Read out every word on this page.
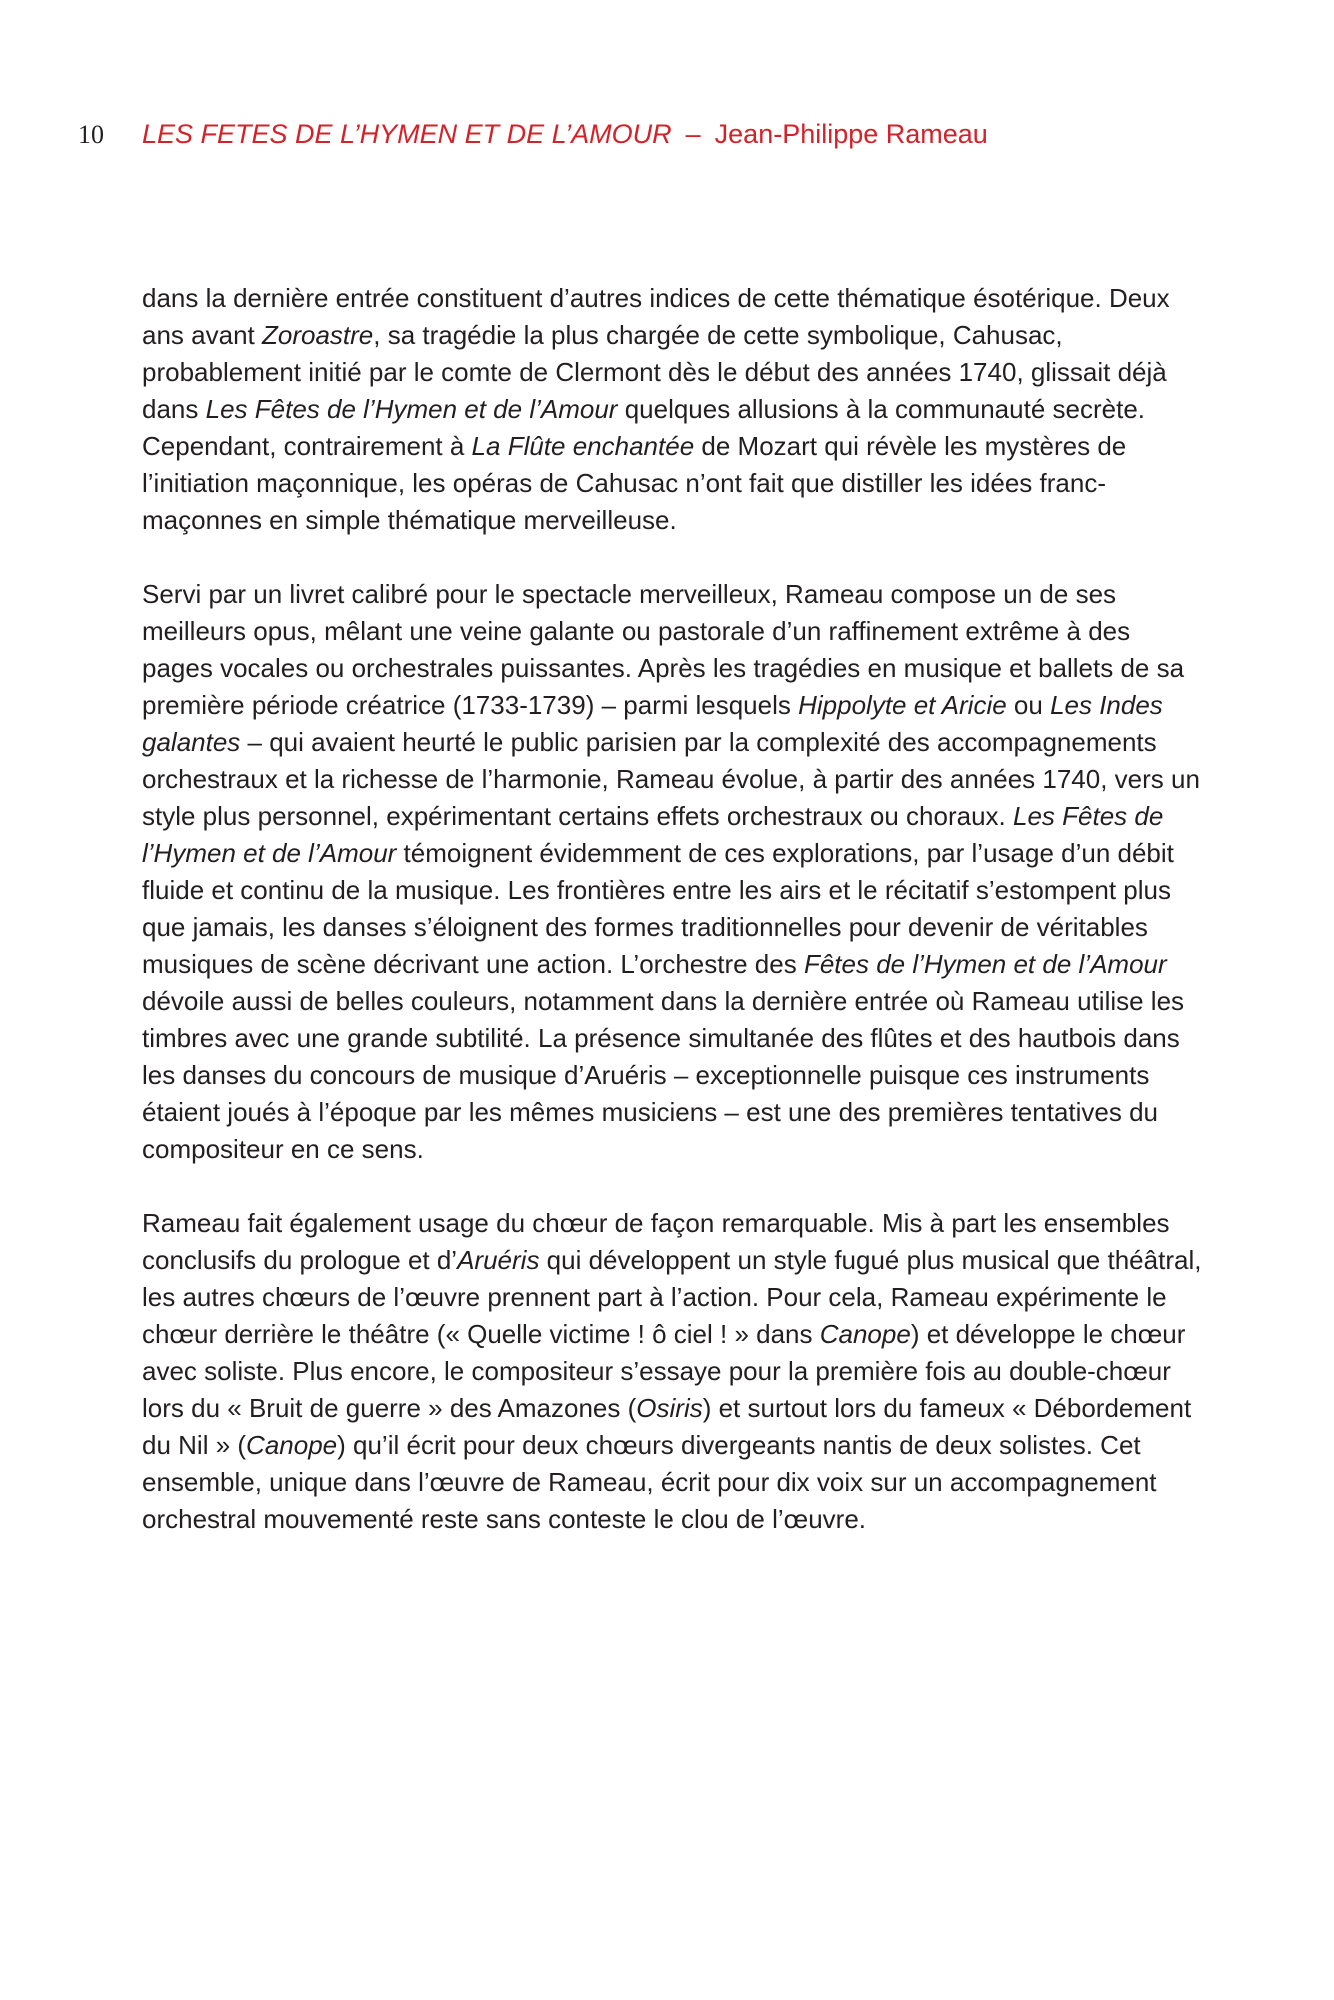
10 LES FETES DE L’HYMEN ET DE L’AMOUR – Jean-Philippe Rameau

dans la dernière entrée constituent d’autres indices de cette thématique ésotérique. Deux ans avant Zoroastre, sa tragédie la plus chargée de cette symbolique, Cahusac, probablement initié par le comte de Clermont dès le début des années 1740, glissait déjà dans Les Fêtes de l’Hymen et de l’Amour quelques allusions à la communauté secrète. Cependant, contrairement à La Flûte enchantée de Mozart qui révèle les mystères de l’initiation maçonnique, les opéras de Cahusac n’ont fait que distiller les idées franc-maçonnes en simple thématique merveilleuse.

Servi par un livret calibré pour le spectacle merveilleux, Rameau compose un de ses meilleurs opus, mêlant une veine galante ou pastorale d’un raffinement extrême à des pages vocales ou orchestrales puissantes. Après les tragédies en musique et ballets de sa première période créatrice (1733-1739) – parmi lesquels Hippolyte et Aricie ou Les Indes galantes – qui avaient heurté le public parisien par la complexité des accompagnements orchestraux et la richesse de l’harmonie, Rameau évolue, à partir des années 1740, vers un style plus personnel, expérimentant certains effets orchestraux ou choraux. Les Fêtes de l’Hymen et de l’Amour témoignent évidemment de ces explorations, par l’usage d’un débit fluide et continu de la musique. Les frontières entre les airs et le récitatif s’estompent plus que jamais, les danses s’éloignent des formes traditionnelles pour devenir de véritables musiques de scène décrivant une action. L’orchestre des Fêtes de l’Hymen et de l’Amour dévoile aussi de belles couleurs, notamment dans la dernière entrée où Rameau utilise les timbres avec une grande subtilité. La présence simultanée des flûtes et des hautbois dans les danses du concours de musique d’Aruéris – exceptionnelle puisque ces instruments étaient joués à l’époque par les mêmes musiciens – est une des premières tentatives du compositeur en ce sens.

Rameau fait également usage du chœur de façon remarquable. Mis à part les ensembles conclusifs du prologue et d’Aruéris qui développent un style fugué plus musical que théâtral, les autres chœurs de l’œuvre prennent part à l’action. Pour cela, Rameau expérimente le chœur derrière le théâtre (« Quelle victime ! ô ciel ! » dans Canope) et développe le chœur avec soliste. Plus encore, le compositeur s’essaye pour la première fois au double-chœur lors du « Bruit de guerre » des Amazones (Osiris) et surtout lors du fameux « Débordement du Nil » (Canope) qu’il écrit pour deux chœurs divergeants nantis de deux solistes. Cet ensemble, unique dans l’œuvre de Rameau, écrit pour dix voix sur un accompagnement orchestral mouvementé reste sans conteste le clou de l’œuvre.
